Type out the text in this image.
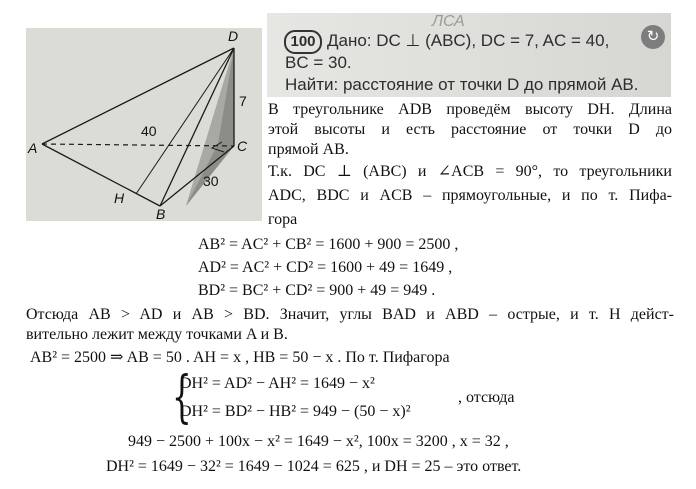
D
A	C
B
H
40
7
30
ЛСА
100 Дано: DC ⊥ (ABC), DC = 7, AC = 40,
BC = 30.
Найти: расстояние от точки D до прямой AB.
↻
В треугольнике ADB проведём высоту DH. Длина
этой высоты и есть расстояние от точки D до
прямой AB.
Т.к. DC ⊥ (ABC) и ∠ACB = 90°, то треугольники
ADC, BDC и ACB – прямоугольные, и по т. Пифа-
гора
AB² = AC² + CB² = 1600 + 900 = 2500 ,
AD² = AC² + CD² = 1600 + 49 = 1649 ,
BD² = BC² + CD² = 900 + 49 = 949 .
Отсюда AB > AD и AB > BD. Значит, углы BAD и ABD – острые, и т. H дейст-
вительно лежит между точками A и B.
AB² = 2500 ⇒ AB = 50 . AH = x , HB = 50 − x . По т. Пифагора
{
DH² = AD² − AH² = 1649 − x²
DH² = BD² − HB² = 949 − (50 − x)²
, отсюда
949 − 2500 + 100x − x² = 1649 − x², 100x = 3200 , x = 32 ,
DH² = 1649 − 32² = 1649 − 1024 = 625 , и DH = 25 – это ответ.
